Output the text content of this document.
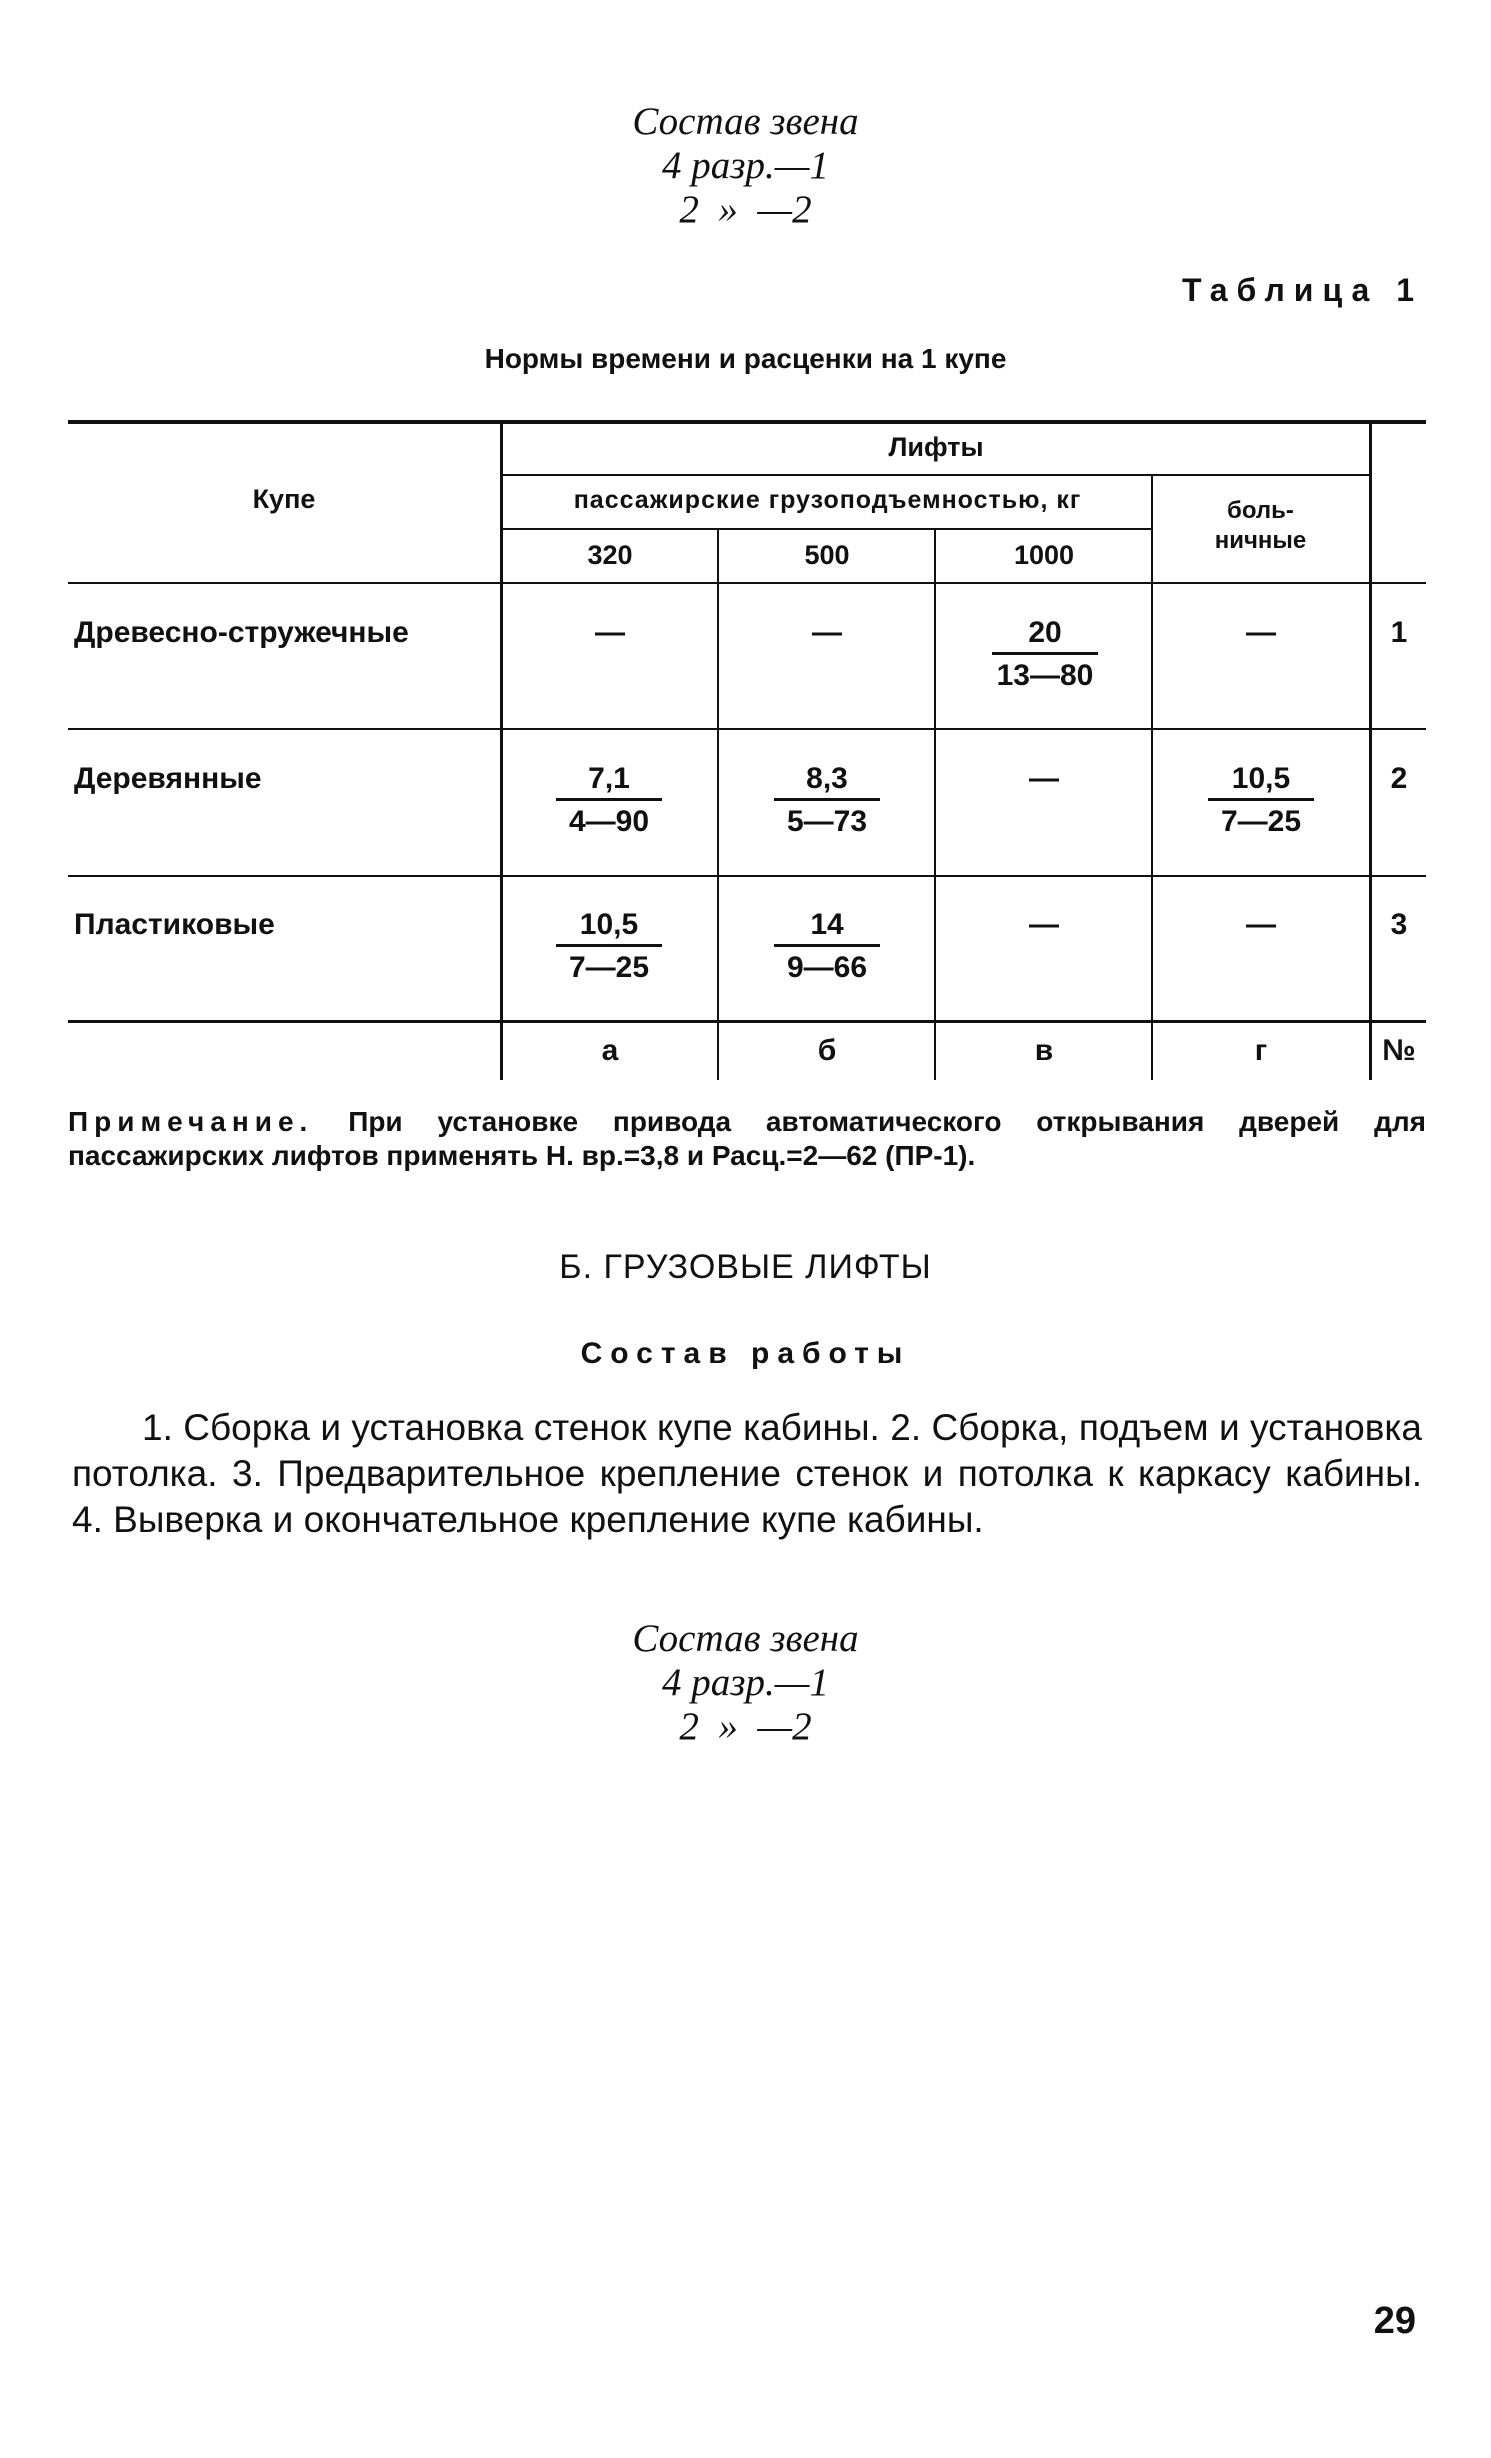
Состав звена
4 разр.—1
2  »  —2
Таблица 1
Нормы времени и расценки на 1 купе
Купе
Лифты
пассажирские грузоподъемностью, кг	боль-ничные
320	500	1000
Древесно-стружечные	—	—	$\frac{20}{13—80}$	—	1
Деревянные	$\frac{7,1}{4—90}$	$\frac{8,3}{5—73}$	—	$\frac{10,5}{7—25}$	2
Пластиковые	$\frac{10,5}{7—25}$	$\frac{14}{9—66}$	—	—	3
а	б	в	г	№
Примечание. При установке привода автоматического открывания дверей для пассажирских лифтов применять Н. вр.=3,8 и Расц.=2—62 (ПР-1).
Б. ГРУЗОВЫЕ ЛИФТЫ
Состав работы
1. Сборка и установка стенок купе кабины. 2. Сборка, подъем и установка потолка. 3. Предварительное крепление стенок и потолка к каркасу кабины. 4. Выверка и окончательное крепление купе кабины.
Состав звена
4 разр.—1
2  »  —2
29
